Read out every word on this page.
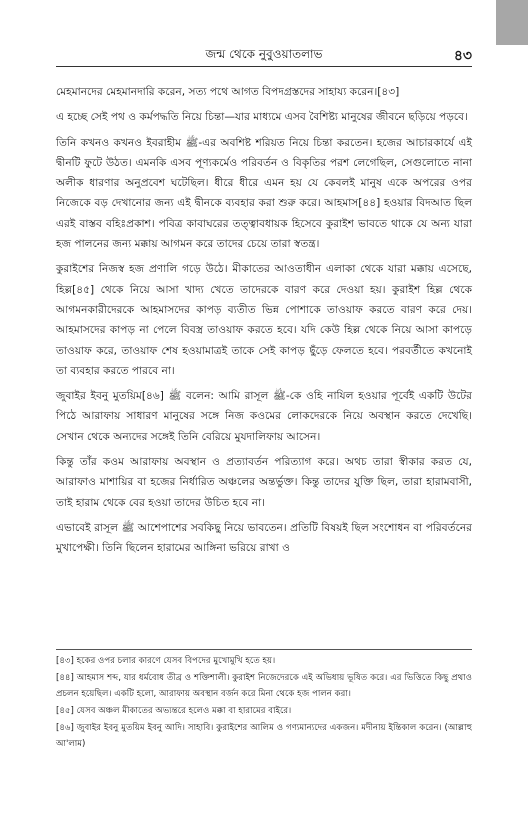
জন্ম থেকে নুবুওয়াতলাভ	৪৩

মেহমানদের মেহমানদারি করেন, সত্য পথে আগত বিপদগ্রস্তদের সাহায্য করেন।[৪৩]

এ হচ্ছে সেই পথ ও কর্মপদ্ধতি নিয়ে চিন্তা—যার মাধ্যমে এসব বৈশিষ্ট্য মানুষের জীবনে ছড়িয়ে পড়বে।

তিনি কখনও কখনও ইবরাহীম ﷺ-এর অবশিষ্ট শরিয়ত নিয়ে চিন্তা করতেন। হজের আচারকার্যে এই দ্বীনটি ফুটে উঠত। এমনকি এসব পূণ্যকর্মেও পরিবর্তন ও বিকৃতির পরশ লেগেছিল, সেগুলোতে নানা অলীক ধারণার অনুপ্রবেশ ঘটেছিল। ধীরে ধীরে এমন হয় যে কেবলই মানুষ একে অপরের ওপর নিজেকে বড় দেখানোর জন্য এই দ্বীনকে ব্যবহার করা শুরু করে। আহমাস[৪৪] হওয়ার বিদআত ছিল এরই বাস্তব বহিঃপ্রকাশ। পবিত্র কাবাঘরের তত্ত্বাবধায়ক হিসেবে কুরাইশ ভাবতে থাকে যে অন্য যারা হজ পালনের জন্য মক্কায় আগমন করে তাদের চেয়ে তারা স্বতন্ত্র।

কুরাইশের নিজস্ব হজ প্রণালি গড়ে উঠে। মীকাতের আওতাধীন এলাকা থেকে যারা মক্কায় এসেছে, হিল্ল[৪৫] থেকে নিয়ে আসা খাদ্য খেতে তাদেরকে বারণ করে দেওয়া হয়। কুরাইশ হিল্ল থেকে আগমনকারীদেরকে আহমাসদের কাপড় ব্যতীত ভিন্ন পোশাকে তাওয়াফ করতে বারণ করে দেয়। আহমাসদের কাপড় না পেলে বিবস্ত্র তাওয়াফ করতে হবে। যদি কেউ হিল্ল থেকে নিয়ে আসা কাপড়ে তাওয়াফ করে, তাওয়াফ শেষ হওয়ামাত্রই তাকে সেই কাপড় ছুঁড়ে ফেলতে হবে। পরবর্তীতে কখনোই তা ব্যবহার করতে পারবে না।

জুবাইর ইবনু মুতয়িম[৪৬] ﷺ বলেন: আমি রাসূল ﷺ-কে ওহি নাযিল হওয়ার পূর্বেই একটি উটের পিঠে আরাফায় সাধারণ মানুষের সঙ্গে নিজ কওমের লোকদেরকে নিয়ে অবস্থান করতে দেখেছি। সেখান থেকে অন্যদের সঙ্গেই তিনি বেরিয়ে মুযদালিফায় আসেন।

কিন্তু তাঁর কওম আরাফায় অবস্থান ও প্রত্যাবর্তন পরিত্যাগ করে। অথচ তারা স্বীকার করত যে, আরাফাও মাশায়ির বা হজের নির্ধারিত অঞ্চলের অন্তর্ভুক্ত। কিন্তু তাদের যুক্তি ছিল, তারা হারামবাসী, তাই হারাম থেকে বের হওয়া তাদের উচিত হবে না।

এভাবেই রাসূল ﷺ আশেপাশের সবকিছু নিয়ে ভাবতেন। প্রতিটি বিষয়ই ছিল সংশোধন বা পরিবর্তনের মুখাপেক্ষী। তিনি ছিলেন হারামের আঙ্গিনা ভরিয়ে রাখা ও

[৪৩] হকের ওপর চলার কারণে যেসব বিপদের মুখোমুখি হতে হয়।

[৪৪] আহমাস শব্দ, যার ধর্মবোধ তীব্র ও শক্তিশালী। কুরাইশ নিজেদেরকে এই অভিধায় ভূষিত করে। এর ভিত্তিতে কিছু প্রথাও প্রচলন হয়েছিল। একটি হলো, আরাফায় অবস্থান বর্জন করে মিনা থেকে হজ পালন করা।

[৪৫] যেসব অঞ্চল মীকাতের অভ্যন্তরে হলেও মক্কা বা হারামের বাইরে।

[৪৬] জুবাইর ইবনু মুতয়িম ইবনু আদি। সাহাবি। কুরাইশের আলিম ও গণ্যমান্যদের একজন। মদীনায় ইন্তিকাল করেন। (আল্লাহু আ'লাম)
